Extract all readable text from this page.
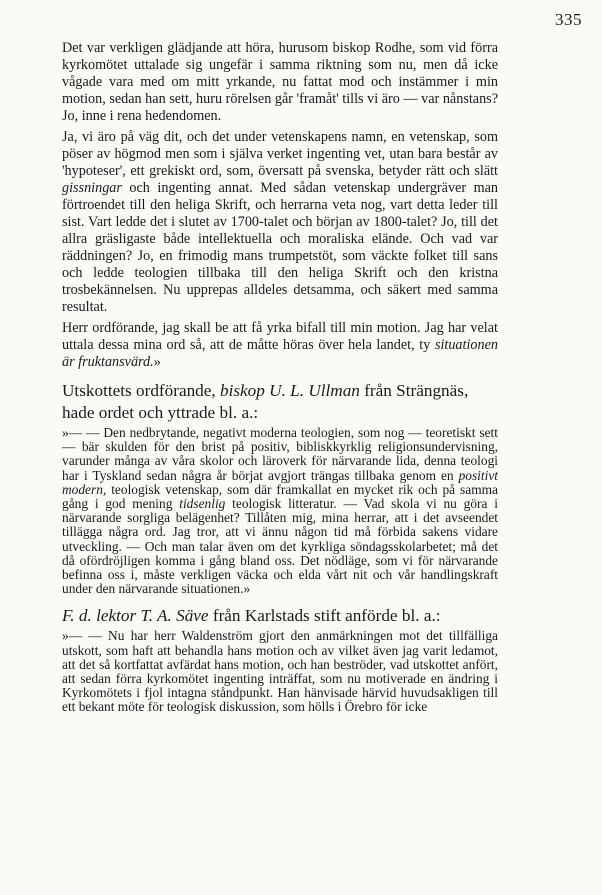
335

Det var verkligen glädjande att höra, hurusom biskop Rodhe, som vid förra kyrkomötet uttalade sig ungefär i samma riktning som nu, men då icke vågade vara med om mitt yrkande, nu fattat mod och instämmer i min motion, sedan han sett, huru rörelsen går 'framåt' tills vi äro — var nånstans? Jo, inne i rena hedendomen.

Ja, vi äro på väg dit, och det under vetenskapens namn, en vetenskap, som pöser av högmod men som i själva verket ingenting vet, utan bara består av 'hypoteser', ett grekiskt ord, som, översatt på svenska, betyder rätt och slätt gissningar och ingenting annat. Med sådan vetenskap undergräver man förtroendet till den heliga Skrift, och herrarna veta nog, vart detta leder till sist. Vart ledde det i slutet av 1700-talet och början av 1800-talet? Jo, till det allra gräsligaste både intellektuella och moraliska elände. Och vad var räddningen? Jo, en frimodig mans trumpetstöt, som väckte folket till sans och ledde teologien tillbaka till den heliga Skrift och den kristna trosbekännelsen. Nu upprepas alldeles detsamma, och säkert med samma resultat.

Herr ordförande, jag skall be att få yrka bifall till min motion. Jag har velat uttala dessa mina ord så, att de måtte höras över hela landet, ty situationen är fruktansvärd.»

Utskottets ordförande, biskop U. L. Ullman från Strängnäs, hade ordet och yttrade bl. a.:

»— — Den nedbrytande, negativt moderna teologien, som nog — teoretiskt sett — bär skulden för den brist på positiv, bibliskkyrklig religionsundervisning, varunder många av våra skolor och läroverk för närvarande lida, denna teologi har i Tyskland sedan några år börjat avgjort trängas tillbaka genom en positivt modern, teologisk vetenskap, som där framkallat en mycket rik och på samma gång i god mening tidsenlig teologisk litteratur. — Vad skola vi nu göra i närvarande sorgliga belägenhet? Tillåten mig, mina herrar, att i det avseendet tillägga några ord. Jag tror, att vi ännu någon tid må förbida sakens vidare utveckling. — Och man talar även om det kyrkliga söndagsskolarbetet; må det då ofördröjligen komma i gång bland oss. Det nödläge, som vi för närvarande befinna oss i, måste verkligen väcka och elda vårt nit och vår handlingskraft under den närvarande situationen.»

F. d. lektor T. A. Säve från Karlstads stift anförde bl. a.:

»— — Nu har herr Waldenström gjort den anmärkningen mot det tillfälliga utskott, som haft att behandla hans motion och av vilket även jag varit ledamot, att det så kortfattat avfärdat hans motion, och han beströder, vad utskottet anfört, att sedan förra kyrkomötet ingenting inträffat, som nu motiverade en ändring i Kyrkomötets i fjol intagna ståndpunkt. Han hänvisade härvid huvudsakligen till ett bekant möte för teologisk diskussion, som hölls i Örebro för icke
